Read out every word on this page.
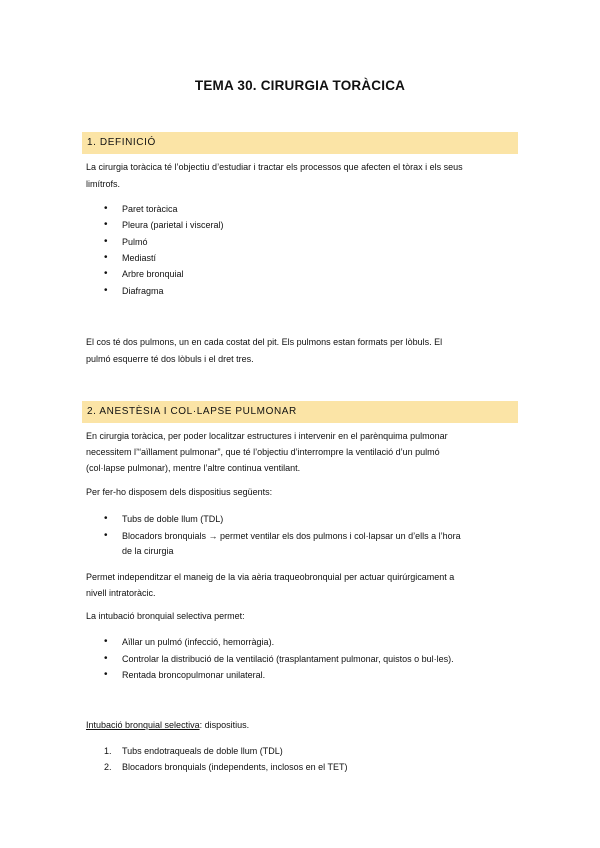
TEMA 30. CIRURGIA TORÀCICA
1. DEFINICIÓ
La cirurgia toràcica té l’objectiu d’estudiar i tractar els processos que afecten el tòrax i els seus
limítrofs.
• Paret toràcica
• Pleura (parietal i visceral)
• Pulmó
• Mediastí
• Arbre bronquial
• Diafragma
El cos té dos pulmons, un en cada costat del pit. Els pulmons estan formats per lòbuls. El
pulmó esquerre té dos lòbuls i el dret tres.
2. ANESTÈSIA I COL·LAPSE PULMONAR
En cirurgia toràcica, per poder localitzar estructures i intervenir en el parènquima pulmonar
necessitem l’“aïllament pulmonar”, que té l’objectiu d’interrompre la ventilació d’un pulmó
(col·lapse pulmonar), mentre l’altre continua ventilant.
Per fer-ho disposem dels dispositius següents:
• Tubs de doble llum (TDL)
• Blocadors bronquials → permet ventilar els dos pulmons i col·lapsar un d’ells a l’hora
de la cirurgia
Permet independitzar el maneig de la via aèria traqueobronquial per actuar quirúrgicament a
nivell intratoràcic.
La intubació bronquial selectiva permet:
• Aïllar un pulmó (infecció, hemorràgia).
• Controlar la distribució de la ventilació (trasplantament pulmonar, quistos o bul·les).
• Rentada broncopulmonar unilateral.
Intubació bronquial selectiva: dispositius.
1. Tubs endotraqueals de doble llum (TDL)
2. Blocadors bronquials (independents, inclosos en el TET)
